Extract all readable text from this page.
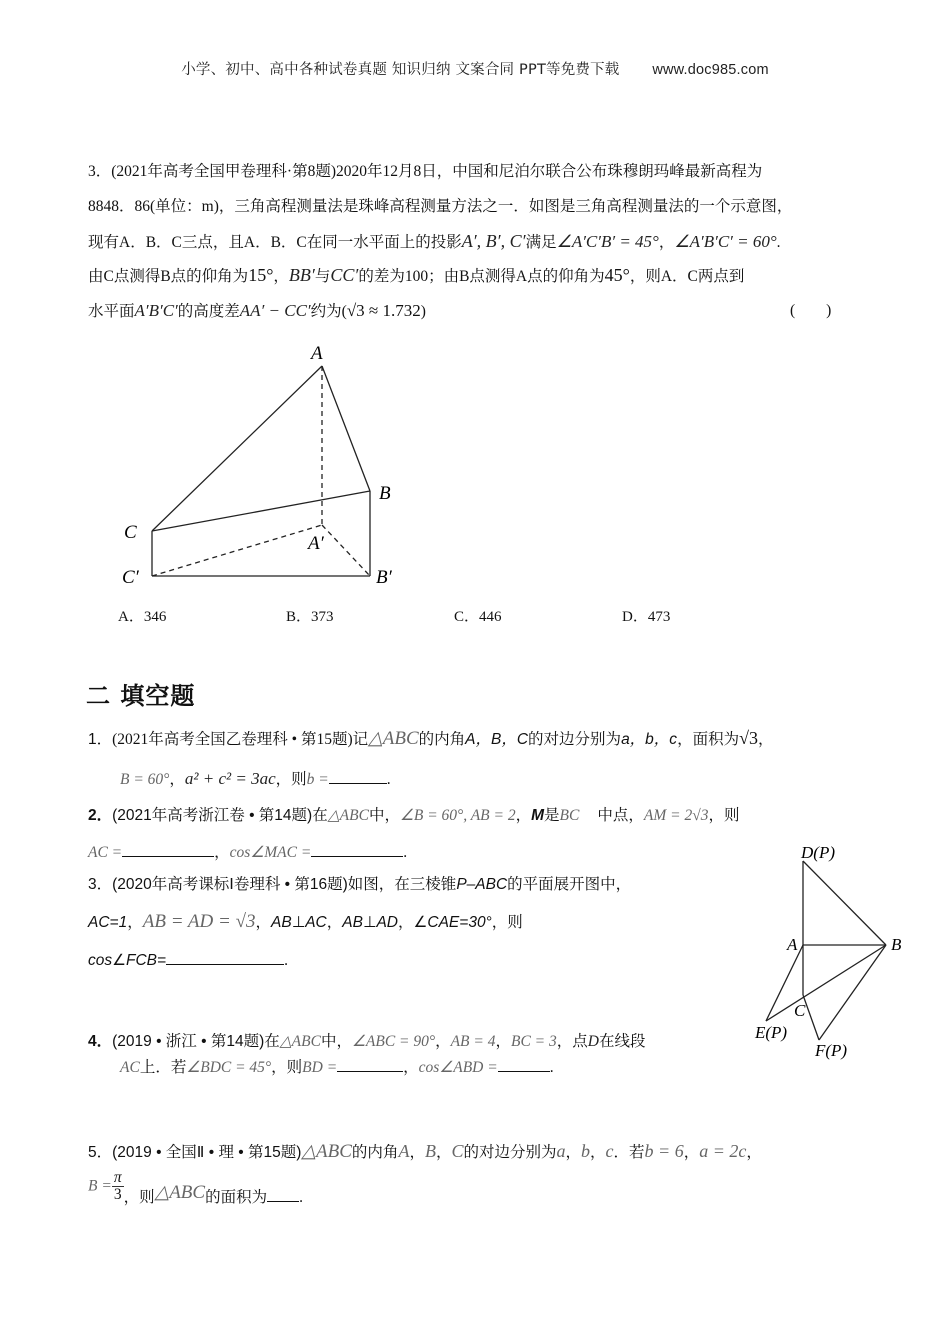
小学、初中、高中各种试卷真题 知识归纳 文案合同 PPT等免费下载 www.doc985.com
3．(2021年高考全国甲卷理科·第8题)2020年12月8日，中国和尼泊尔联合公布珠穆朗玛峰最新高程为
8848．86(单位：m)，三角高程测量法是珠峰高程测量方法之一．如图是三角高程测量法的一个示意图，
现有A．B．C三点，且A．B．C在同一水平面上的投影A′, B′, C′满足∠A′C′B′ = 45°，∠A′B′C′ = 60°.
由C点测得B点的仰角为15°，BB′与CC′的差为100；由B点测得A点的仰角为45°，则A．C两点到
水平面A′B′C′的高度差AA′ − CC′约为(√3 ≈ 1.732)	(        )
A
B
C
A′
C′	B′
A．346	B．373	C．446	D．473
二 填空题
1．(2021年高考全国乙卷理科 • 第15题)记△ABC的内角A，B，C的对边分别为a，b，c，面积为√3，
B = 60°，a² + c² = 3ac，则b =	.
2．(2021年高考浙江卷 • 第14题)在△ABC中，∠B = 60°, AB = 2，M是BC 中点，AM = 2√3，则
AC =	，cos∠MAC =	.
3．(2020年高考课标Ⅰ卷理科 • 第16题)如图，在三棱锥P–ABC的平面展开图中，
AC=1，AB = AD = √3，AB⊥AC，AB⊥AD，∠CAE=30°，则
cos∠FCB=	.
D(P)
A	B
C
E(P)
F(P)
4．(2019 • 浙江 • 第14题)在△ABC中，∠ABC = 90°，AB = 4，BC = 3，点D在线段
AC上．若∠BDC = 45°，则BD =	，cos∠ABD =	.
5．(2019 • 全国Ⅱ • 理 • 第15题)△ABC的内角A，B，C的对边分别为a，b，c．若b = 6，a = 2c，
$B = \frac{\pi}{3}$ ，则△ABC的面积为 .
